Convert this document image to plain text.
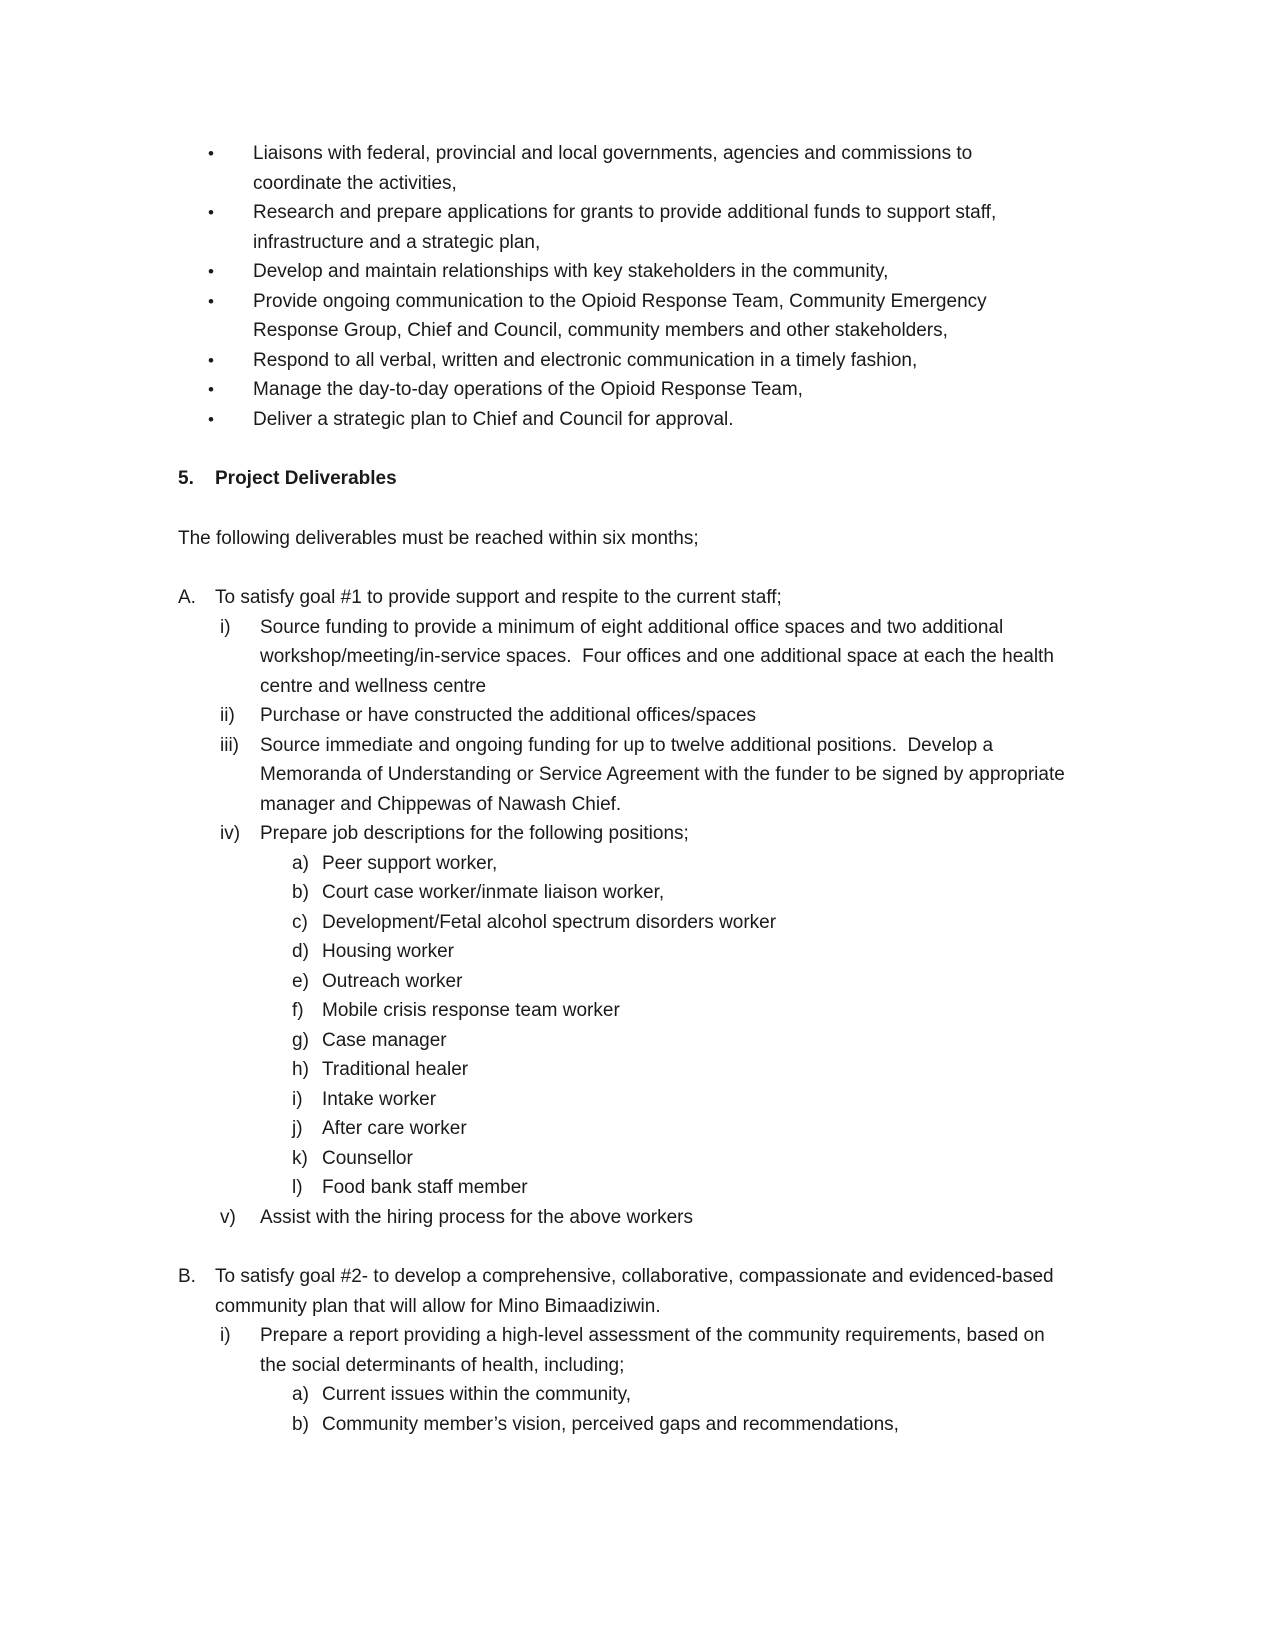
•	Liaisons with federal, provincial and local governments, agencies and commissions to coordinate the activities,
•	Research and prepare applications for grants to provide additional funds to support staff, infrastructure and a strategic plan,
•	Develop and maintain relationships with key stakeholders in the community,
•	Provide ongoing communication to the Opioid Response Team, Community Emergency Response Group, Chief and Council, community members and other stakeholders,
•	Respond to all verbal, written and electronic communication in a timely fashion,
•	Manage the day-to-day operations of the Opioid Response Team,
•	Deliver a strategic plan to Chief and Council for approval.
5.	Project Deliverables
The following deliverables must be reached within six months;
A.	To satisfy goal #1 to provide support and respite to the current staff;
i)	Source funding to provide a minimum of eight additional office spaces and two additional workshop/meeting/in-service spaces.  Four offices and one additional space at each the health centre and wellness centre
ii)	Purchase or have constructed the additional offices/spaces
iii)	Source immediate and ongoing funding for up to twelve additional positions.  Develop a Memoranda of Understanding or Service Agreement with the funder to be signed by appropriate manager and Chippewas of Nawash Chief.
iv)	Prepare job descriptions for the following positions;
a) Peer support worker,
b) Court case worker/inmate liaison worker,
c) Development/Fetal alcohol spectrum disorders worker
d) Housing worker
e) Outreach worker
f) Mobile crisis response team worker
g) Case manager
h) Traditional healer
i)	Intake worker
j)	After care worker
k) Counsellor
l)	Food bank staff member
v)	Assist with the hiring process for the above workers
B.	To satisfy goal #2- to develop a comprehensive, collaborative, compassionate and evidenced-based community plan that will allow for Mino Bimaadiziwin.
i)	Prepare a report providing a high-level assessment of the community requirements, based on the social determinants of health, including;
a) Current issues within the community,
b) Community member’s vision, perceived gaps and recommendations,
